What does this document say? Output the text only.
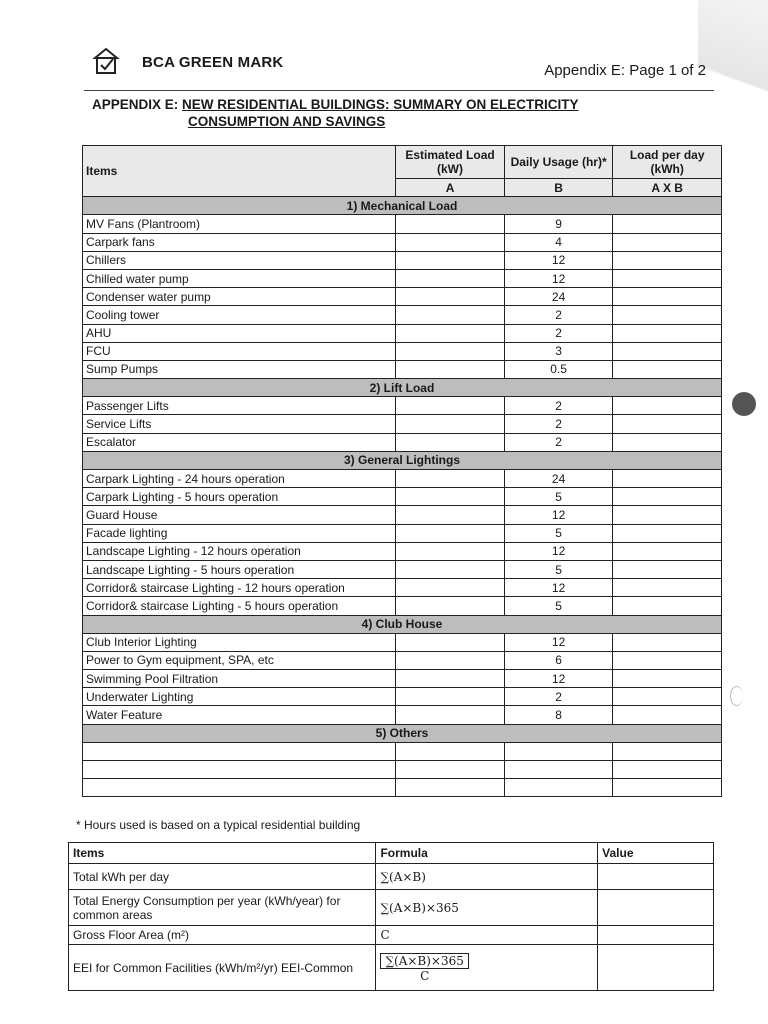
BCA GREEN MARK	Appendix E: Page 1 of 2
APPENDIX E: NEW RESIDENTIAL BUILDINGS: SUMMARY ON ELECTRICITY
CONSUMPTION AND SAVINGS
Items	Estimated Load (kW)	Daily Usage (hr)*	Load per day (kWh)
	A	B	A X B
1) Mechanical Load			
MV Fans (Plantroom)		9	
Carpark fans		4	
Chillers		12	
Chilled water pump		12	
Condenser water pump		24	
Cooling tower		2	
AHU		2	
FCU		3	
Sump Pumps		0.5	
2) Lift Load			
Passenger Lifts		2	
Service Lifts		2	
Escalator		2	
3) General Lightings			
Carpark Lighting - 24 hours operation		24	
Carpark Lighting - 5 hours operation		5	
Guard House		12	
Facade lighting		5	
Landscape Lighting - 12 hours operation		12	
Landscape Lighting - 5 hours operation		5	
Corridor& staircase Lighting - 12 hours operation		12	
Corridor& staircase Lighting - 5 hours operation		5	
4) Club House			
Club Interior Lighting		12	
Power to Gym equipment, SPA, etc		6	
Swimming Pool Filtration		12	
Underwater Lighting		2	
Water Feature		8	
5) Others			

* Hours used is based on a typical residential building
Items	Formula	Value
Total kWh per day	∑(A×B)	
Total Energy Consumption per year (kWh/year) for common areas	∑(A×B)×365	
Gross Floor Area (m²)	C	
EEI for Common Facilities (kWh/m²/yr) EEI-Common	$\frac{\sum(A\times B)\times 365}{C}$
